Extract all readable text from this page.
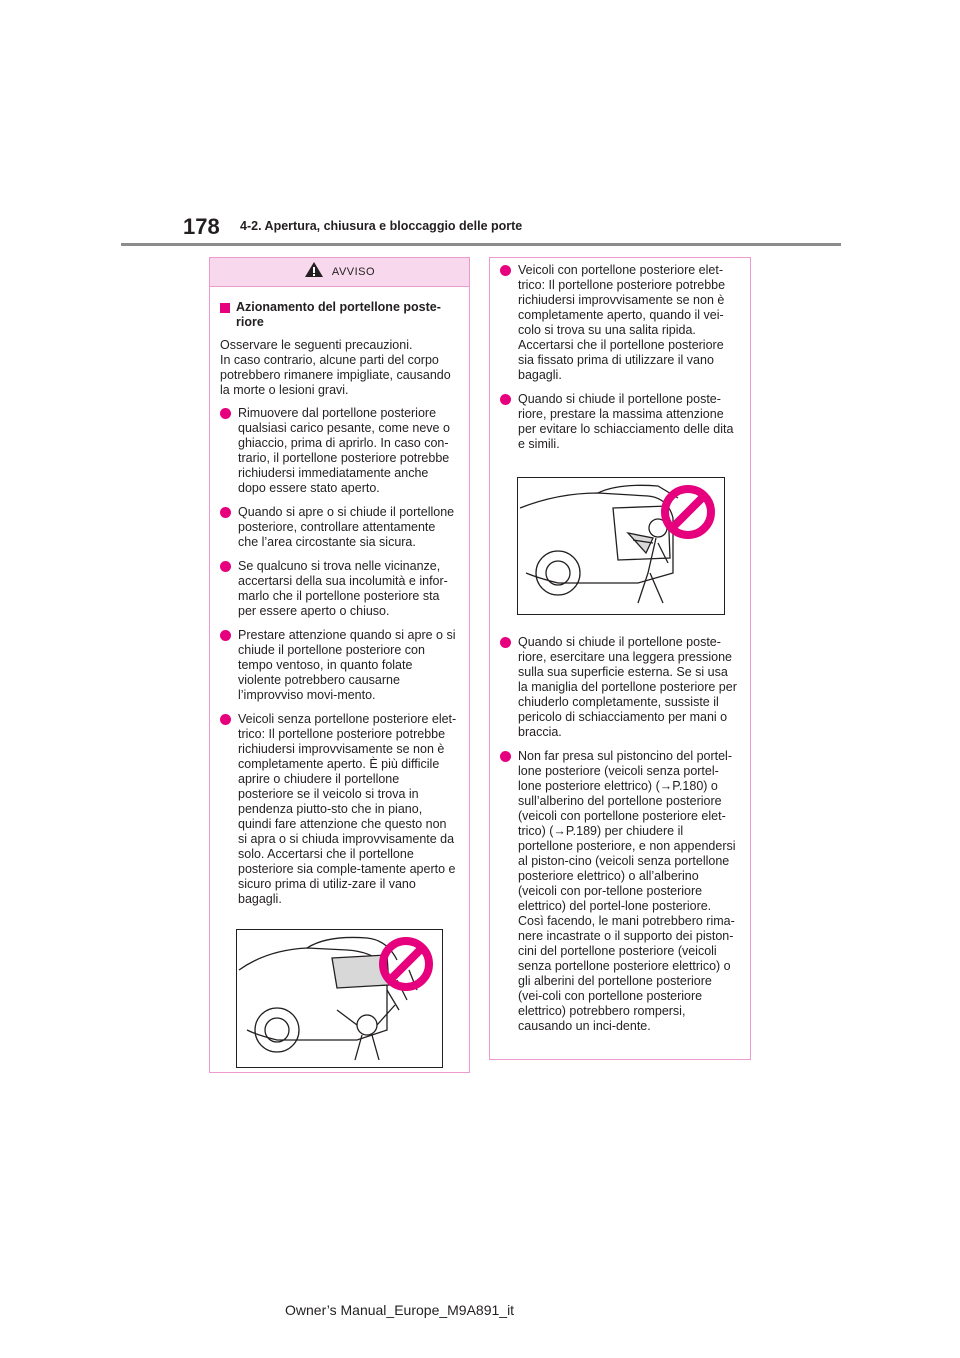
178 4-2. Apertura, chiusura e bloccaggio delle porte
AVVISO
Azionamento del portellone poste-riore

Osservare le seguenti precauzioni.

In caso contrario, alcune parti del corpo potrebbero rimanere impigliate, causando la morte o lesioni gravi.

Rimuovere dal portellone posteriore qualsiasi carico pesante, come neve o ghiaccio, prima di aprirlo. In caso con-trario, il portellone posteriore potrebbe richiudersi immediatamente anche dopo essere stato aperto.
Quando si apre o si chiude il portellone posteriore, controllare attentamente che l’area circostante sia sicura.
Se qualcuno si trova nelle vicinanze, accertarsi della sua incolumità e infor-marlo che il portellone posteriore sta per essere aperto o chiuso.
Prestare attenzione quando si apre o si chiude il portellone posteriore con tempo ventoso, in quanto folate violente potrebbero causarne l’improvviso movi-mento.
Veicoli senza portellone posteriore elet-trico: Il portellone posteriore potrebbe richiudersi improvvisamente se non è completamente aperto. È più difficile aprire o chiudere il portellone posteriore se il veicolo si trova in pendenza piutto-sto che in piano, quindi fare attenzione che questo non si apra o si chiuda improvvisamente da solo. Accertarsi che il portellone posteriore sia comple-tamente aperto e sicuro prima di utiliz-zare il vano bagagli.
Veicoli con portellone posteriore elet-trico: Il portellone posteriore potrebbe richiudersi improvvisamente se non è completamente aperto, quando il vei-colo si trova su una salita ripida. Accertarsi che il portellone posteriore sia fissato prima di utilizzare il vano bagagli.
Quando si chiude il portellone poste-riore, prestare la massima attenzione per evitare lo schiacciamento delle dita e simili.
Quando si chiude il portellone poste-riore, esercitare una leggera pressione sulla sua superficie esterna. Se si usa la maniglia del portellone posteriore per chiuderlo completamente, sussiste il pericolo di schiacciamento per mani o braccia.
Non far presa sul pistoncino del portel-lone posteriore (veicoli senza portel-lone posteriore elettrico) (→P.180) o sull’alberino del portellone posteriore (veicoli con portellone posteriore elet-trico) (→P.189) per chiudere il portellone posteriore, e non appendersi al piston-cino (veicoli senza portellone posteriore elettrico) o all’alberino (veicoli con por-tellone posteriore elettrico) del portel-lone posteriore. Così facendo, le mani potrebbero rima-nere incastrate o il supporto dei piston-cini del portellone posteriore (veicoli senza portellone posteriore elettrico) o gli alberini del portellone posteriore (vei-coli con portellone posteriore elettrico) potrebbero rompersi, causando un inci-dente.
Owner’s Manual_Europe_M9A891_it
